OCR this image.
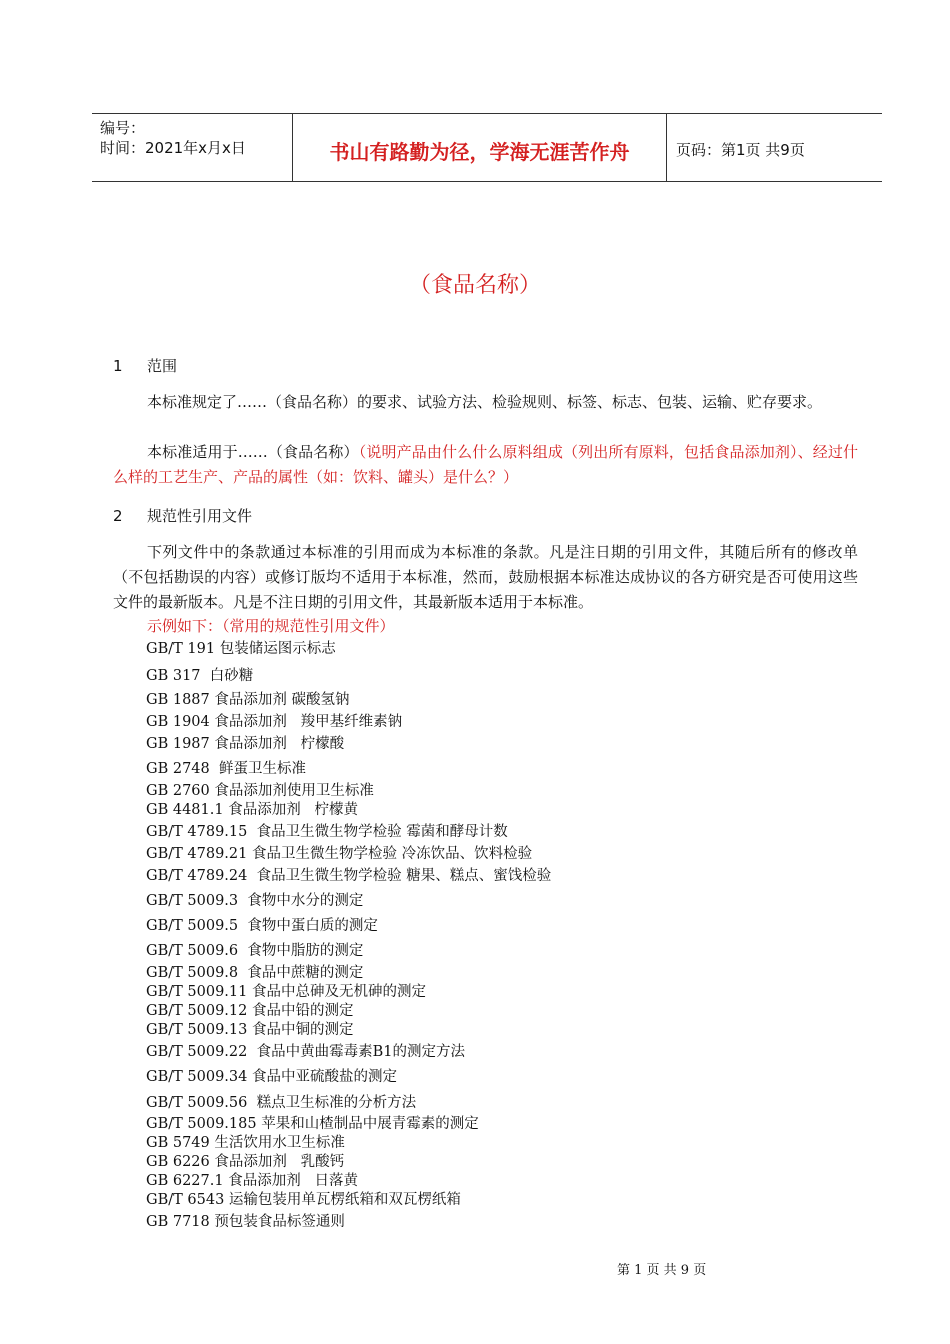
编号：
时间：2021年x月x日	书山有路勤为径，学海无涯苦作舟	页码：第1页 共9页
（食品名称）
1 范围
本标准规定了……（食品名称）的要求、试验方法、检验规则、标签、标志、包装、运输、贮存要求。
本标准适用于……（食品名称）（说明产品由什么什么原料组成（列出所有原料，包括食品添加剂）、经过什么样的工艺生产、产品的属性（如：饮料、罐头）是什么？）
2 规范性引用文件
下列文件中的条款通过本标准的引用而成为本标准的条款。凡是注日期的引用文件，其随后所有的修改单（不包括勘误的内容）或修订版均不适用于本标准，然而，鼓励根据本标准达成协议的各方研究是否可使用这些文件的最新版本。凡是不注日期的引用文件，其最新版本适用于本标准。
示例如下：（常用的规范性引用文件）
GB/T 191 包装储运图示标志
GB 317  白砂糖
GB 1887 食品添加剂 碳酸氢钠
GB 1904 食品添加剂   羧甲基纤维素钠
GB 1987 食品添加剂   柠檬酸
GB 2748  鲜蛋卫生标准
GB 2760 食品添加剂使用卫生标准
GB 4481.1 食品添加剂   柠檬黄
GB/T 4789.15  食品卫生微生物学检验 霉菌和酵母计数
GB/T 4789.21 食品卫生微生物学检验 冷冻饮品、饮料检验
GB/T 4789.24  食品卫生微生物学检验 糖果、糕点、蜜饯检验
GB/T 5009.3  食物中水分的测定
GB/T 5009.5  食物中蛋白质的测定
GB/T 5009.6  食物中脂肪的测定
GB/T 5009.8  食品中蔗糖的测定
GB/T 5009.11 食品中总砷及无机砷的测定
GB/T 5009.12 食品中铅的测定
GB/T 5009.13 食品中铜的测定
GB/T 5009.22  食品中黄曲霉毒素B1的测定方法
GB/T 5009.34 食品中亚硫酸盐的测定
GB/T 5009.56  糕点卫生标准的分析方法
GB/T 5009.185 苹果和山楂制品中展青霉素的测定
GB 5749 生活饮用水卫生标准
GB 6226 食品添加剂   乳酸钙
GB 6227.1 食品添加剂   日落黄
GB/T 6543 运输包装用单瓦楞纸箱和双瓦楞纸箱
GB 7718 预包装食品标签通则
第 1 页 共 9 页
